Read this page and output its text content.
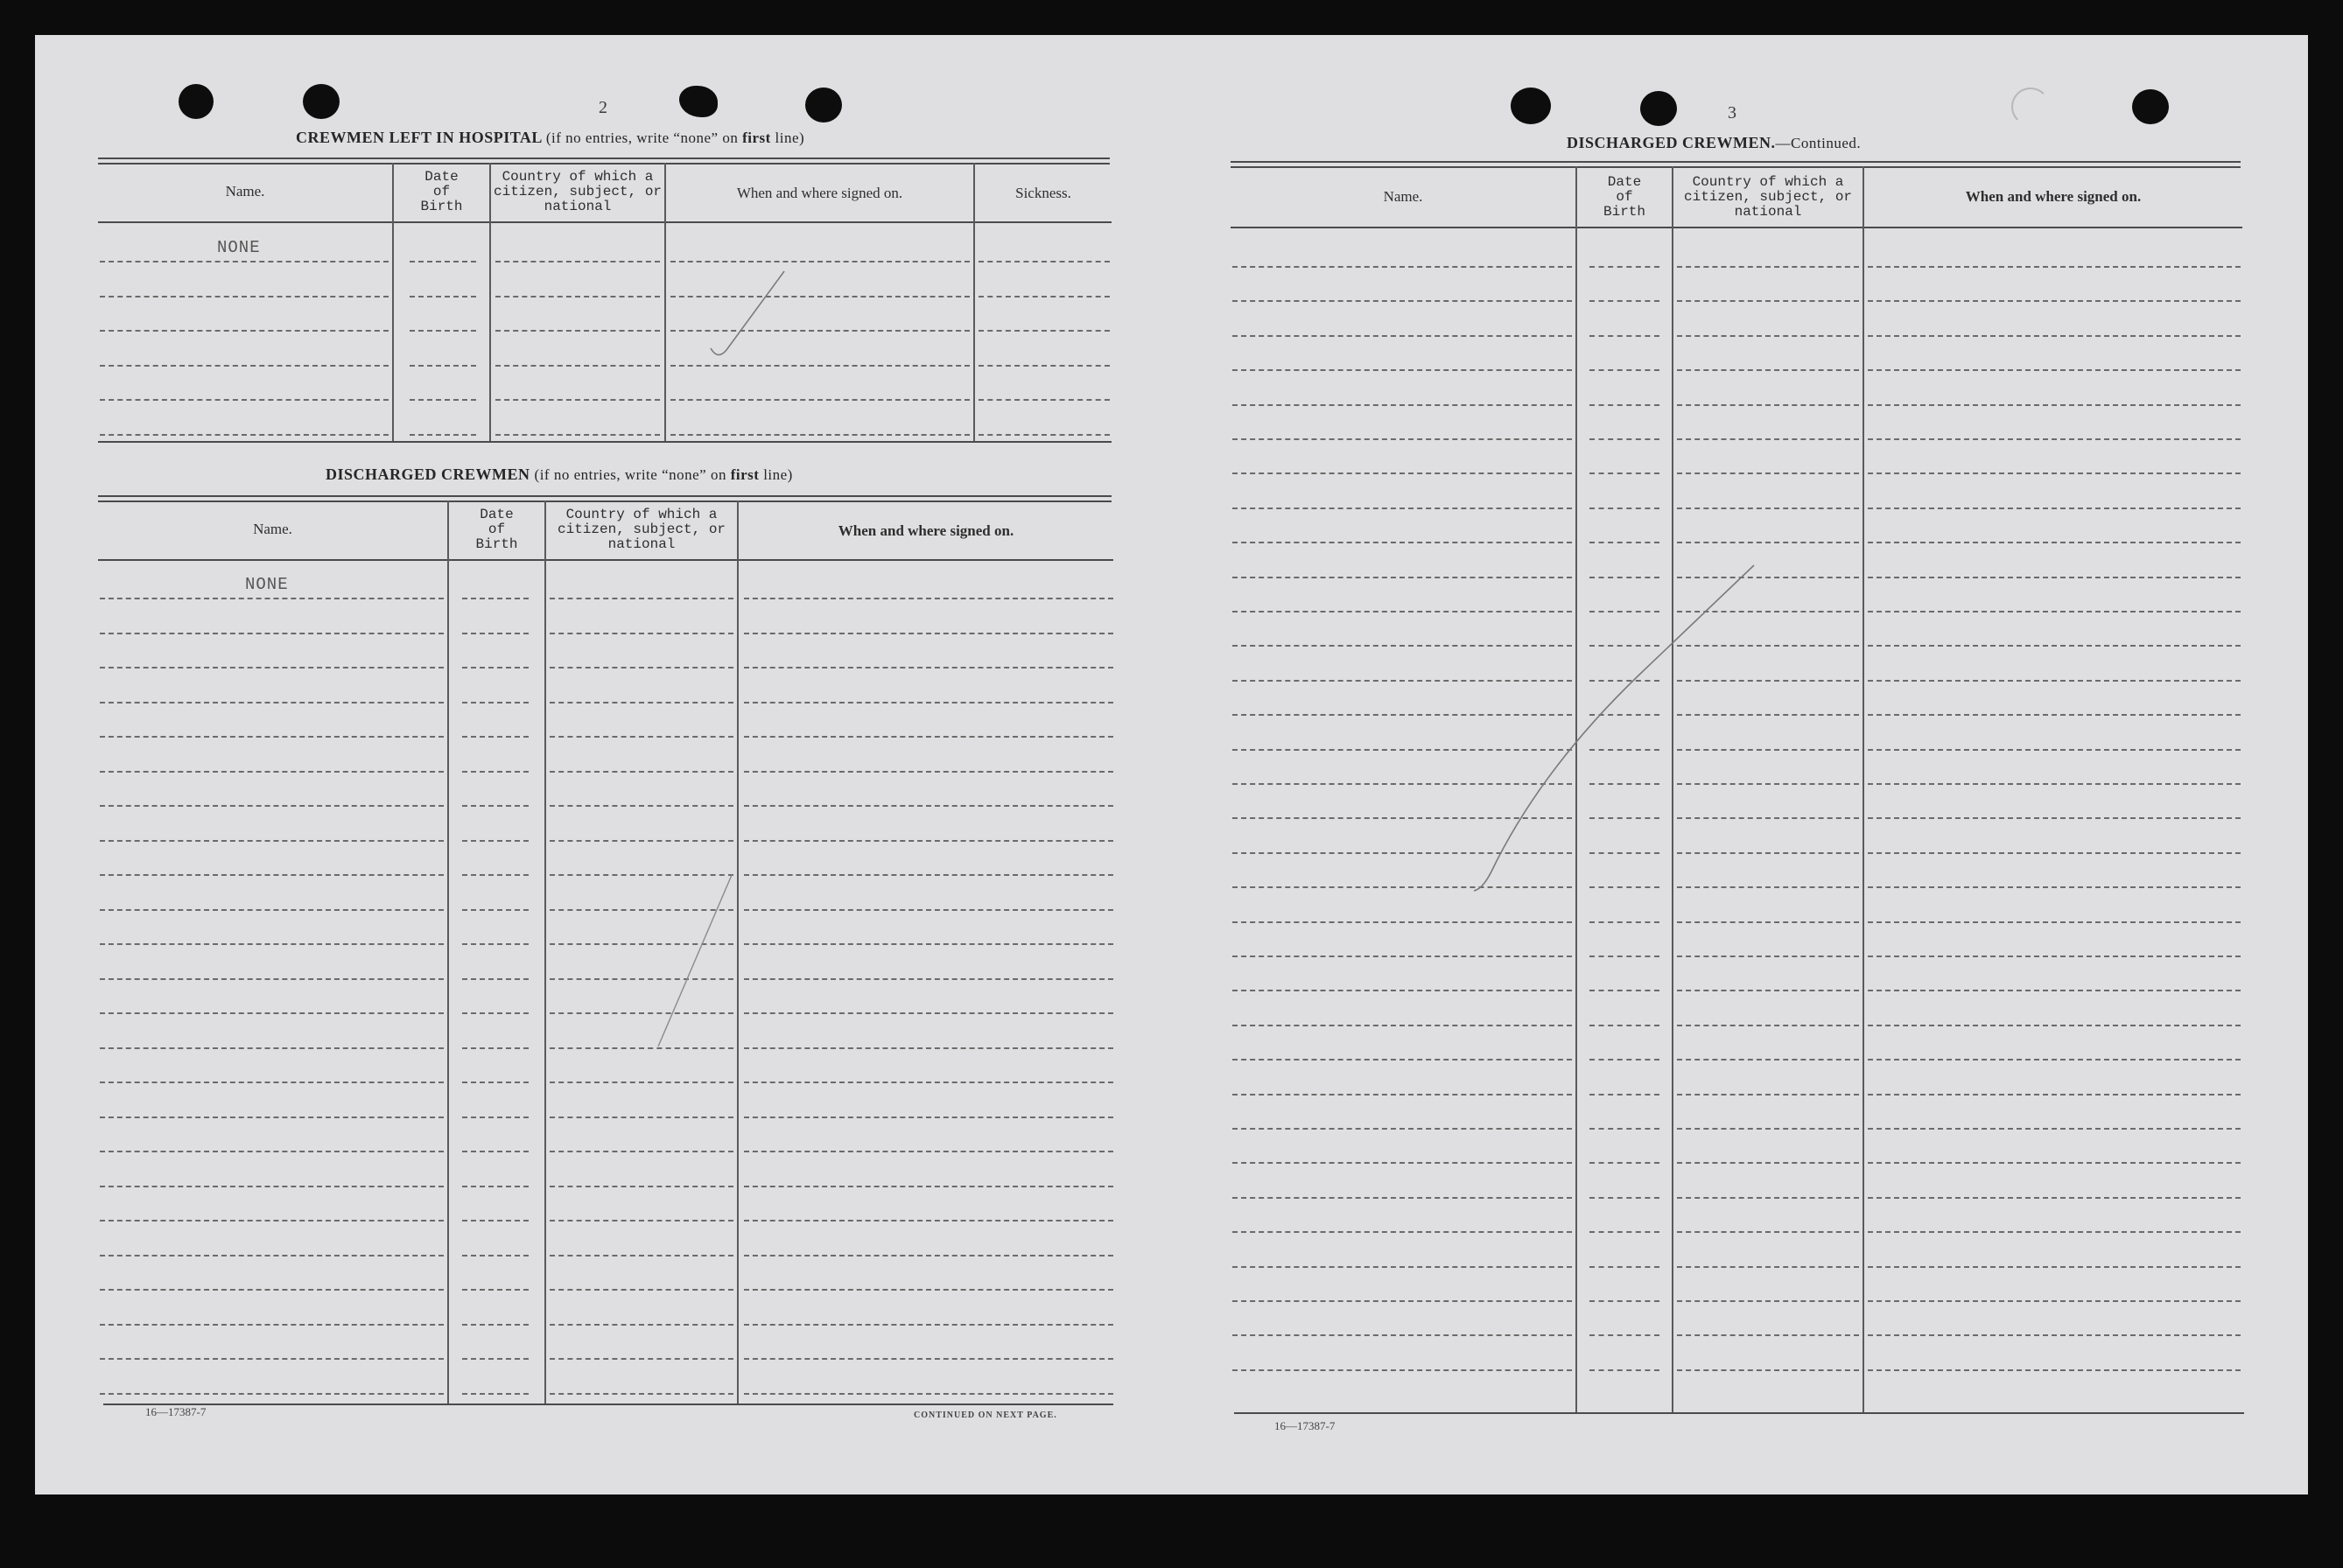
2
CREWMEN LEFT IN HOSPITAL (if no entries, write “none” on first line)
Name.
Date
of
Birth
Country of which a
citizen, subject, or
national
When and where signed on.	Sickness.
NONE
DISCHARGED CREWMEN (if no entries, write “none” on first line)
Name.
Date
of
Birth
Country of which a
citizen, subject, or
national
When and where signed on.
NONE
16—17387-7	CONTINUED ON NEXT PAGE.
3
DISCHARGED CREWMEN.—Continued.
Name.
Date
of
Birth
Country of which a
citizen, subject, or
national
When and where signed on.
16—17387-7
